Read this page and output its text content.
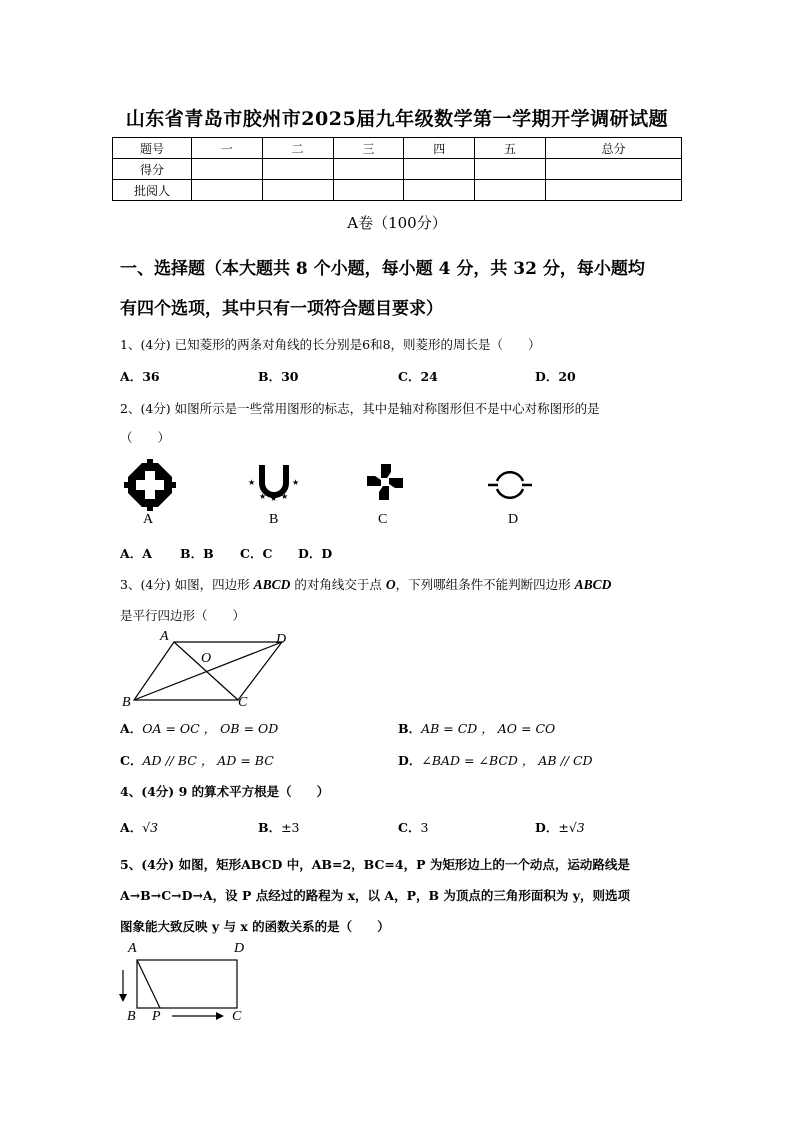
山东省青岛市胶州市2025届九年级数学第一学期开学调研试题
题号	一	二	三	四	五	总分
得分						
批阅人						
A卷（100分）
一、选择题（本大题共 8 个小题，每小题 4 分，共 32 分，每小题均
有四个选项，其中只有一项符合题目要求）
1、(4分) 已知菱形的两条对角线的长分别是6和8，则菱形的周长是（　　）
A．36	B．30	C．24	D．20
2、(4分) 如图所示是一些常用图形的标志，其中是轴对称图形但不是中心对称图形的是
（　　）
★	★
★ ★ ★
A	B	C	D
A．A B．B C．C D．D
3、(4分) 如图，四边形 ABCD 的对角线交于点 O，下列哪组条件不能判断四边形 ABCD
是平行四边形（　　）
A	D
O
B	C
A．OA = OC ， OB = OD	B．AB = CD ， AO = CO
C．AD // BC ， AD = BC	D．∠BAD = ∠BCD ， AB // CD
4、(4分) 9 的算术平方根是（　　）
A．√3	B．±3	C．3	D．±√3
5、(4分) 如图，矩形ABCD 中，AB=2，BC=4，P 为矩形边上的一个动点，运动路线是
A→B→C→D→A，设 P 点经过的路程为 x，以 A，P，B 为顶点的三角形面积为 y，则选项
图象能大致反映 y 与 x 的函数关系的是（　　）
A	D
B P	C
